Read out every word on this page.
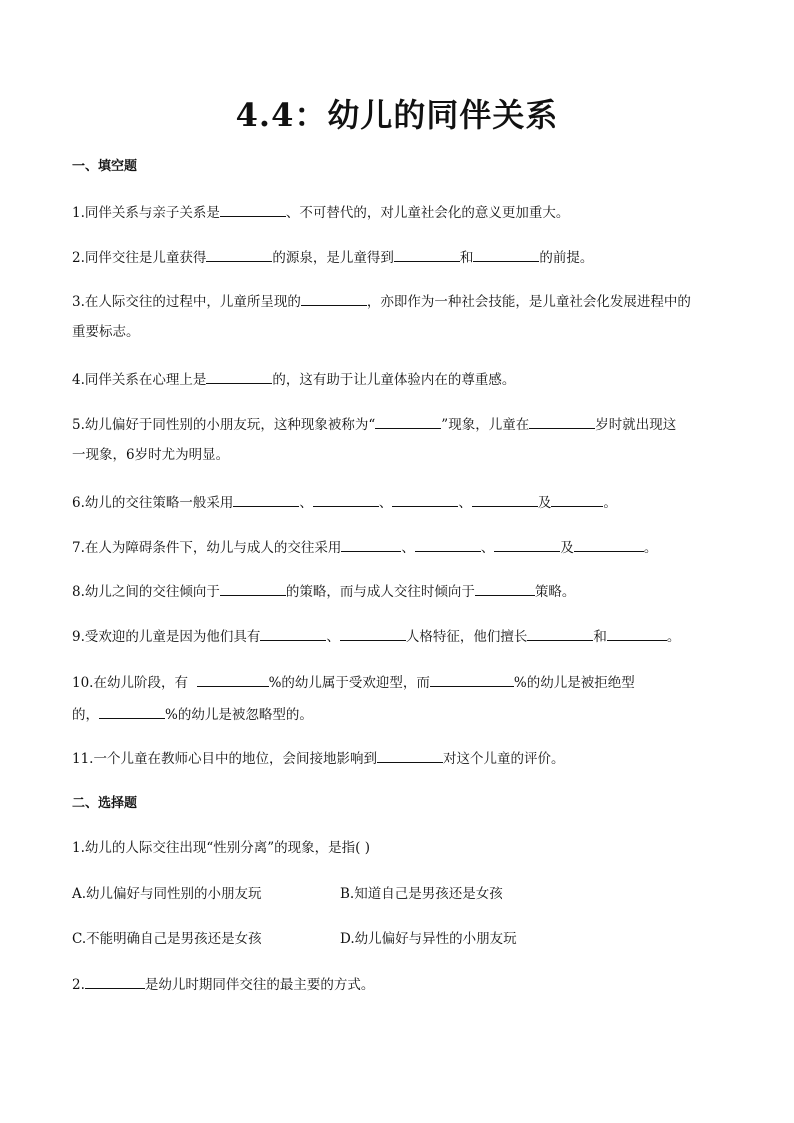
4.4：幼儿的同伴关系
一、填空题
1.同伴关系与亲子关系是	、不可替代的，对儿童社会化的意义更加重大。
2.同伴交往是儿童获得	的源泉，是儿童得到	和	的前提。
3.在人际交往的过程中，儿童所呈现的	，亦即作为一种社会技能，是儿童社会化发展进程中的
重要标志。
4.同伴关系在心理上是	的，这有助于让儿童体验内在的尊重感。
5.幼儿偏好于同性别的小朋友玩，这种现象被称为“	”现象，儿童在	岁时就出现这
一现象，6岁时尤为明显。
6.幼儿的交往策略一般采用	、	、	、	及	。
7.在人为障碍条件下，幼儿与成人的交往采用	、	、	及	。
8.幼儿之间的交往倾向于	的策略，而与成人交往时倾向于	策略。
9.受欢迎的儿童是因为他们具有	、	人格特征，他们擅长	和	。
10.在幼儿阶段，有	%的幼儿属于受欢迎型，而	%的幼儿是被拒绝型
的，	%的幼儿是被忽略型的。
11.一个儿童在教师心目中的地位，会间接地影响到	对这个儿童的评价。
二、选择题
1.幼儿的人际交往出现“性别分离”的现象，是指( )
A.幼儿偏好与同性别的小朋友玩	B.知道自己是男孩还是女孩
C.不能明确自己是男孩还是女孩	D.幼儿偏好与异性的小朋友玩
2.	是幼儿时期同伴交往的最主要的方式。
